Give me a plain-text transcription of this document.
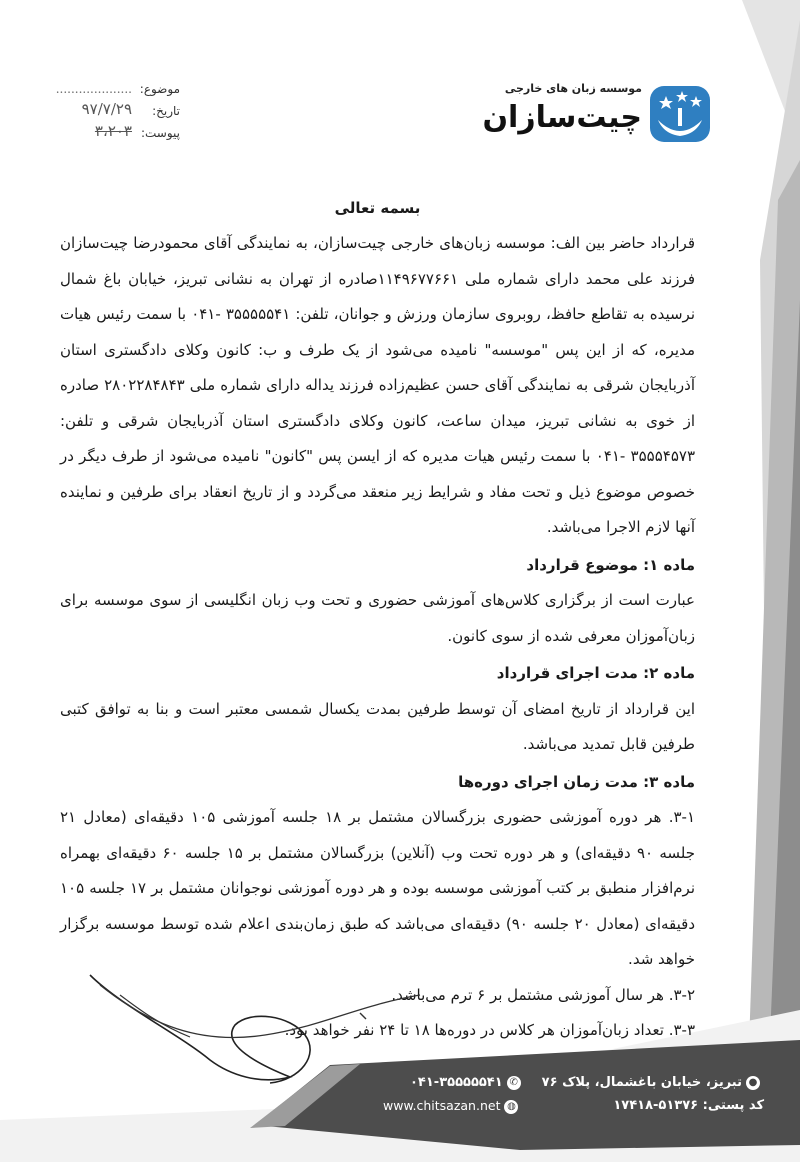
موسسه زبان های خارجی
چیت‌سازان
موضوع:
....................
تاریخ:
۹۷/۷/۲۹
پیوست:
۳،۲۰۳

بسمه تعالی

قرارداد حاضر بین الف: موسسه زبان‌های خارجی چیت‌سازان، به نمایندگی آقای محمودرضا چیت‌سازان فرزند علی محمد دارای شماره ملی ۱۱۴۹۶۷۷۶۶۱صادره از تهران به نشانی تبریز، خیابان باغ شمال نرسیده به تقاطع حافظ، روبروی سازمان ورزش و جوانان، تلفن: ۳۵۵۵۵۵۴۱ -۰۴۱ با سمت رئیس هیات مدیره، که از این پس "موسسه" نامیده می‌شود از یک طرف و ب: کانون وکلای دادگستری استان آذربایجان شرقی به نمایندگی آقای حسن عظیم‌زاده فرزند یداله دارای شماره ملی ۲۸۰۲۲۸۴۸۴۳ صادره از خوی به نشانی تبریز، میدان ساعت، کانون وکلای دادگستری استان آذربایجان شرقی و تلفن: ۳۵۵۵۴۵۷۳ -۰۴۱ با سمت رئیس هیات مدیره که از ایسن پس "کانون" نامیده می‌شود از طرف دیگر در خصوص موضوع ذیل و تحت مفاد و شرایط زیر منعقد می‌گردد و از تاریخ انعقاد برای طرفین و نماینده آنها لازم الاجرا می‌باشد.

ماده ۱: موضوع قرارداد

عبارت است از برگزاری کلاس‌های آموزشی حضوری و تحت وب زبان انگلیسی از سوی موسسه برای زبان‌آموزان معرفی شده از سوی کانون.

ماده ۲: مدت اجرای قرارداد

این قرارداد از تاریخ امضای آن توسط طرفین بمدت یکسال شمسی معتبر است و بنا به توافق کتبی طرفین قابل تمدید می‌باشد.

ماده ۳: مدت زمان اجرای دوره‌ها

۳-۱. هر دوره آموزشی حضوری بزرگسالان مشتمل بر ۱۸ جلسه آموزشی ۱۰۵ دقیقه‌ای (معادل ۲۱ جلسه ۹۰ دقیقه‌ای) و هر دوره تحت وب (آنلاین) بزرگسالان مشتمل بر ۱۵ جلسه ۶۰ دقیقه‌ای بهمراه نرم‌افزار منطبق بر کتب آموزشی موسسه بوده و هر دوره آموزشی نوجوانان مشتمل بر ۱۷ جلسه ۱۰۵ دقیقه‌ای (معادل ۲۰ جلسه ۹۰) دقیقه‌ای می‌باشد که طبق زمان‌بندی اعلام شده توسط موسسه برگزار خواهد شد.

۳-۲. هر سال آموزشی مشتمل بر ۶ ترم می‌باشد.

۳-۳. تعداد زبان‌آموزان هر کلاس در دوره‌ها ۱۸ تا ۲۴ نفر خواهد بود.

●تبریز، خیابان باغشمال، پلاک ۷۶
کد پستی: ۵۱۳۷۶-۱۷۴۱۸
۰۴۱-۳۵۵۵۵۵۴۱ ✆
www.chitsazan.net ◍
